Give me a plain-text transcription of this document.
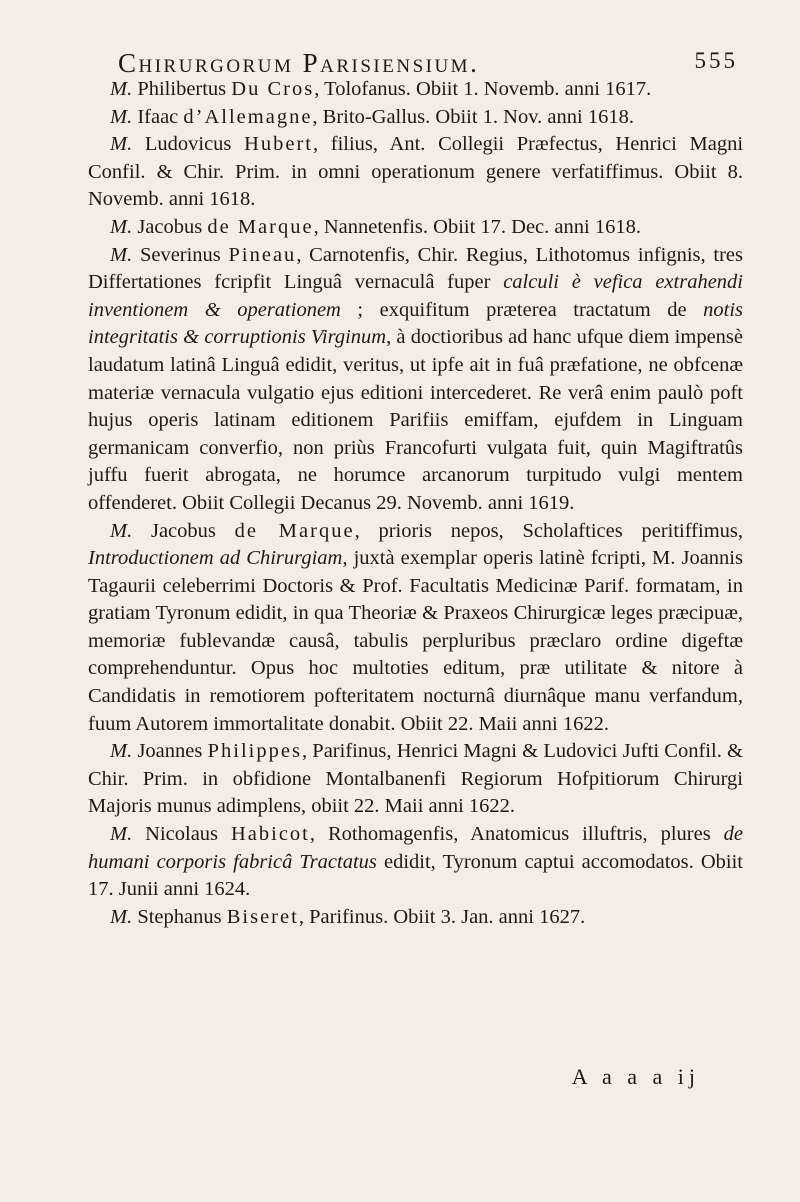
Chirurgorum Parisiensium.	555

M. Philibertus Du Cros, Tolofanus. Obiit 1. Novemb. anni 1617.

M. Ifaac d’Allemagne, Brito-Gallus. Obiit 1. Nov. anni 1618.

M. Ludovicus Hubert, filius, Ant. Collegii Præfectus, Henrici Magni Confil. & Chir. Prim. in omni operationum genere verfatiffimus. Obiit 8. Novemb. anni 1618.

M. Jacobus de Marque, Nannetenfis. Obiit 17. Dec. anni 1618.

M. Severinus Pineau, Carnotenfis, Chir. Regius, Lithotomus infignis, tres Differtationes fcripfit Linguâ vernaculâ fuper calculi è vefica extrahendi inventionem & operationem ; exquifitum præterea tractatum de notis integritatis & corruptionis Virginum, à doctioribus ad hanc ufque diem impensè laudatum latinâ Linguâ edidit, veritus, ut ipfe ait in fuâ præfatione, ne obfcenæ materiæ vernacula vulgatio ejus editioni intercederet. Re verâ enim paulò poft hujus operis latinam editionem Parifiis emiffam, ejufdem in Linguam germanicam converfio, non priùs Francofurti vulgata fuit, quin Magiftratûs juffu fuerit abrogata, ne horumce arcanorum turpitudo vulgi mentem offenderet. Obiit Collegii Decanus 29. Novemb. anni 1619.

M. Jacobus de Marque, prioris nepos, Scholaftices peritiffimus, Introductionem ad Chirurgiam, juxtà exemplar operis latinè fcripti, M. Joannis Tagaurii celeberrimi Doctoris & Prof. Facultatis Medicinæ Parif. formatam, in gratiam Tyronum edidit, in qua Theoriæ & Praxeos Chirurgicæ leges præcipuæ, memoriæ fublevandæ causâ, tabulis perpluribus præclaro ordine digeftæ comprehenduntur. Opus hoc multoties editum, præ utilitate & nitore à Candidatis in remotiorem pofteritatem nocturnâ diurnâque manu verfandum, fuum Autorem immortalitate donabit. Obiit 22. Maii anni 1622.

M. Joannes Philippes, Parifinus, Henrici Magni & Ludovici Jufti Confil. & Chir. Prim. in obfidione Montalbanenfi Regiorum Hofpitiorum Chirurgi Majoris munus adimplens, obiit 22. Maii anni 1622.

M. Nicolaus Habicot, Rothomagenfis, Anatomicus illuftris, plures de humani corporis fabricâ Tractatus edidit, Tyronum captui accomodatos. Obiit 17. Junii anni 1624.

M. Stephanus Biseret, Parifinus. Obiit 3. Jan. anni 1627.

A a a a ij
